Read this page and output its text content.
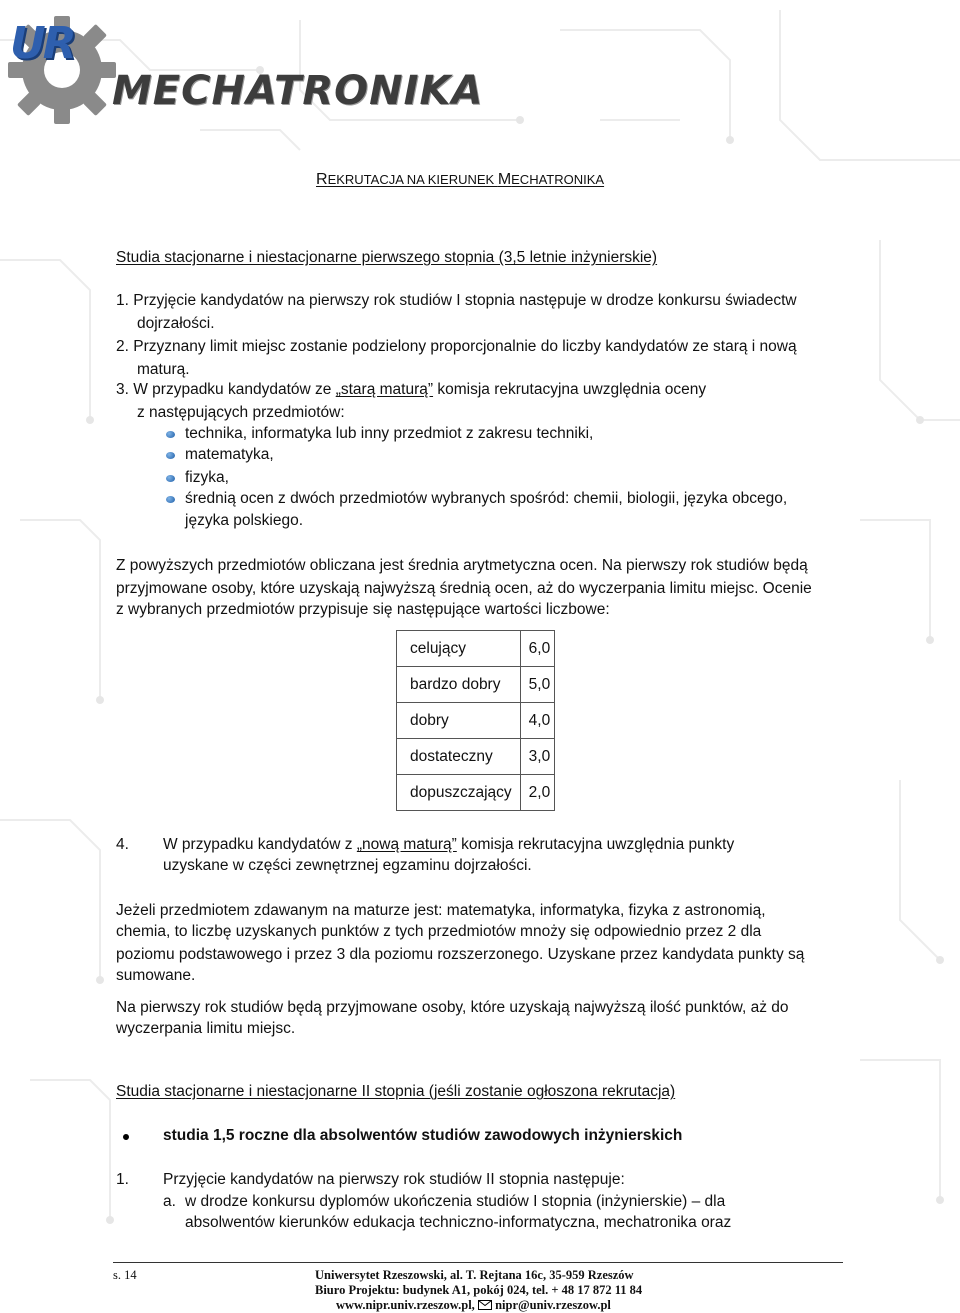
UR
MECHATRONIKA
REKRUTACJA NA KIERUNEK MECHATRONIKA
Studia stacjonarne i niestacjonarne pierwszego stopnia (3,5 letnie inżynierskie)
1. Przyjęcie kandydatów na pierwszy rok studiów I stopnia następuje w drodze konkursu świadectw
dojrzałości.
2. Przyznany limit miejsc zostanie podzielony proporcjonalnie do liczby kandydatów ze starą i nową
maturą.
3. W przypadku kandydatów ze „starą maturą” komisja rekrutacyjna uwzględnia oceny
z następujących przedmiotów:
technika, informatyka lub inny przedmiot z zakresu techniki,
matematyka,
fizyka,
średnią ocen z dwóch przedmiotów wybranych spośród: chemii, biologii, języka obcego,
języka polskiego.
Z powyższych przedmiotów obliczana jest średnia arytmetyczna ocen. Na pierwszy rok studiów będą
przyjmowane osoby, które uzyskają najwyższą średnią ocen, aż do wyczerpania limitu miejsc. Ocenie
z wybranych przedmiotów przypisuje się następujące wartości liczbowe:
celujący	6,0
bardzo dobry	5,0
dobry	4,0
dostateczny	3,0
dopuszczający	2,0
4. W przypadku kandydatów z „nową maturą” komisja rekrutacyjna uwzględnia punkty
uzyskane w części zewnętrznej egzaminu dojrzałości.
Jeżeli przedmiotem zdawanym na maturze jest: matematyka, informatyka, fizyka z astronomią,
chemia, to liczbę uzyskanych punktów z tych przedmiotów mnoży się odpowiednio przez 2 dla
poziomu podstawowego i przez 3 dla poziomu rozszerzonego. Uzyskane przez kandydata punkty są
sumowane.
Na pierwszy rok studiów będą przyjmowane osoby, które uzyskają najwyższą ilość punktów, aż do
wyczerpania limitu miejsc.
Studia stacjonarne i niestacjonarne II stopnia (jeśli zostanie ogłoszona rekrutacja)
studia 1,5 roczne dla absolwentów studiów zawodowych inżynierskich
1. Przyjęcie kandydatów na pierwszy rok studiów II stopnia następuje:
a. w drodze konkursu dyplomów ukończenia studiów I stopnia (inżynierskie) – dla
absolwentów kierunków edukacja techniczno-informatyczna, mechatronika oraz
s. 14	Uniwersytet Rzeszowski, al. T. Rejtana 16c, 35-959 Rzeszów
Biuro Projektu: budynek A1, pokój 024, tel. + 48 17 872 11 84
www.nipr.univ.rzeszow.pl, nipr@univ.rzeszow.pl
